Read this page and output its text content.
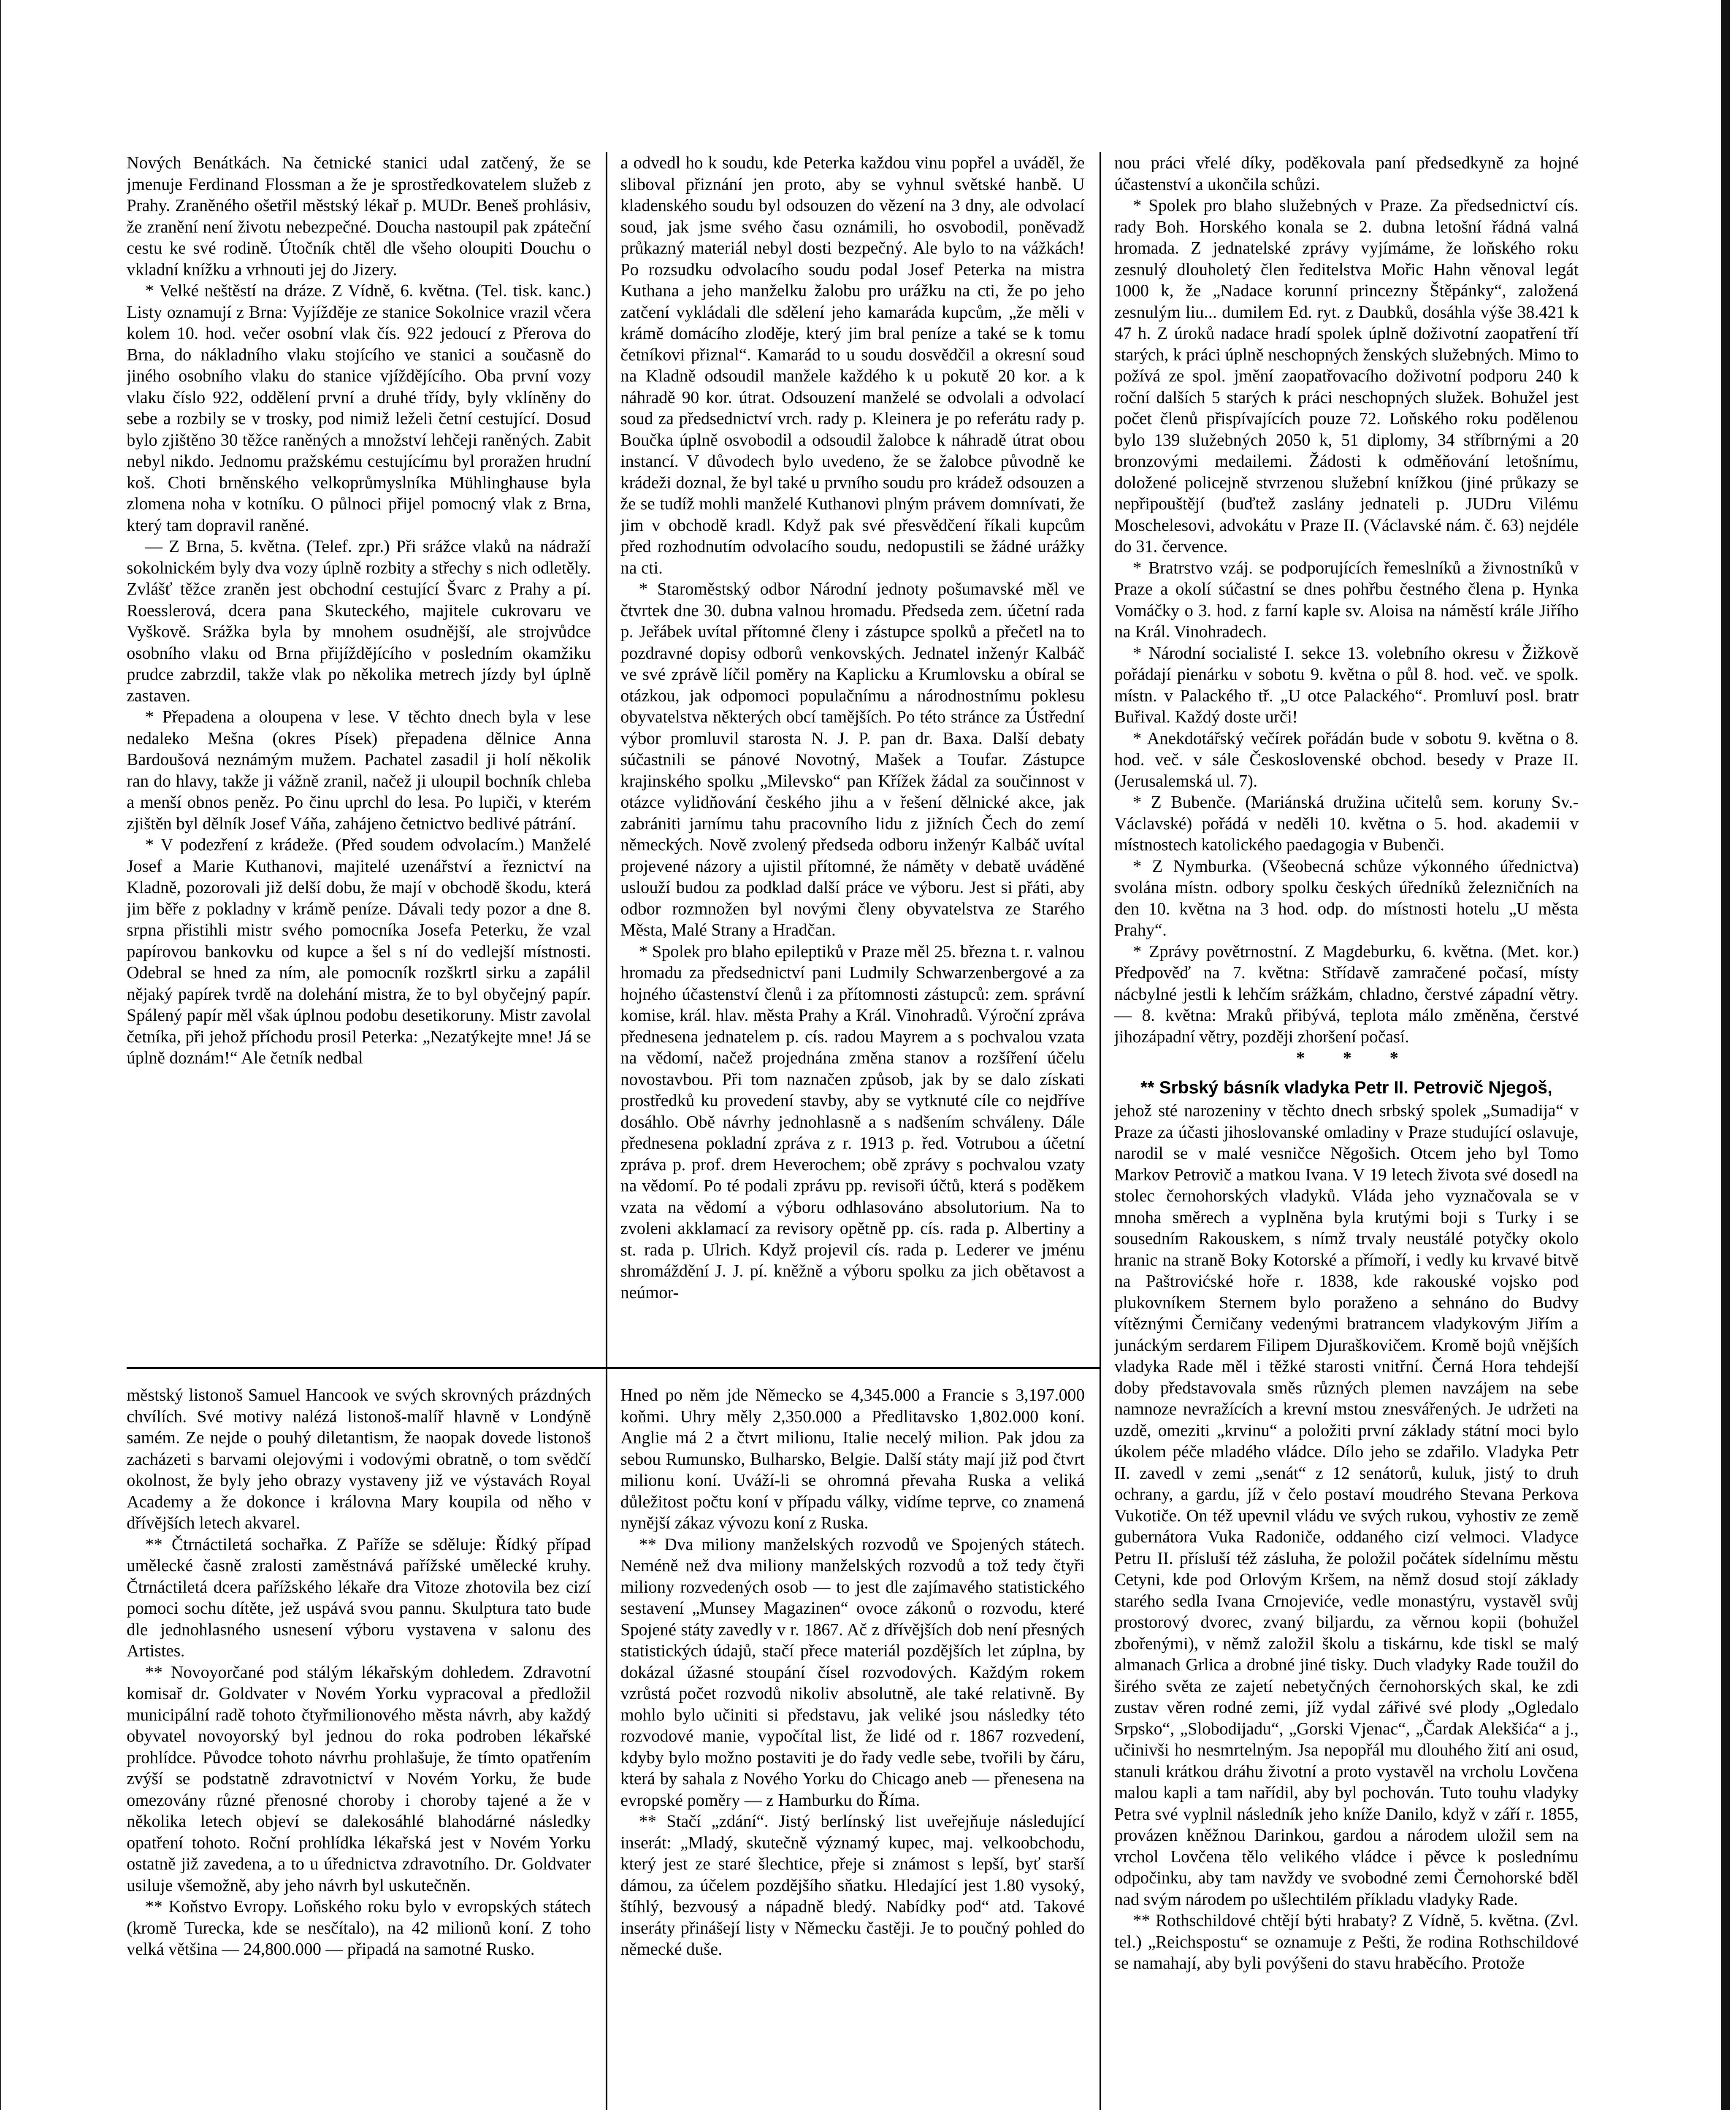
Nových Benátkách. Na četnické stanici udal zatčený, že se jmenuje Ferdinand Flossman a že je sprostředkovatelem služeb z Prahy. Zraněného ošetřil městský lékař p. MUDr. Beneš prohlásiv, že zranění není životu nebezpečné. Doucha nastoupil pak zpáteční cestu ke své rodině. Útočník chtěl dle všeho oloupiti Douchu o vkladní knížku a vrhnouti jej do Jizery.

* Velké neštěstí na dráze. Z Vídně, 6. května. (Tel. tisk. kanc.) Listy oznamují z Brna: Vyjížděje ze stanice Sokolnice vrazil včera kolem 10. hod. večer osobní vlak čís. 922 jedoucí z Přerova do Brna, do nákladního vlaku stojícího ve stanici a současně do jiného osobního vlaku do stanice vjíždějícího. Oba první vozy vlaku číslo 922, oddělení první a druhé třídy, byly vklíněny do sebe a rozbily se v trosky, pod nimiž leželi četní cestující. Dosud bylo zjištěno 30 těžce raněných a množství lehčeji raněných. Zabit nebyl nikdo. Jednomu pražskému cestujícímu byl proražen hrudní koš. Choti brněnského velkoprůmyslníka Mühlinghause byla zlomena noha v kotníku. O půlnoci přijel pomocný vlak z Brna, který tam dopravil raněné.

— Z Brna, 5. května. (Telef. zpr.) Při srážce vlaků na nádraží sokolnickém byly dva vozy úplně rozbity a střechy s nich odletěly. Zvlášť těžce zraněn jest obchodní cestující Švarc z Prahy a pí. Roesslerová, dcera pana Skuteckého, majitele cukrovaru ve Vyškově. Srážka byla by mnohem osudnější, ale strojvůdce osobního vlaku od Brna přijíždějícího v posledním okamžiku prudce zabrzdil, takže vlak po několika metrech jízdy byl úplně zastaven.

* Přepadena a oloupena v lese. V těchto dnech byla v lese nedaleko Mešna (okres Písek) přepadena dělnice Anna Bardoušová neznámým mužem. Pachatel zasadil ji holí několik ran do hlavy, takže ji vážně zranil, načež ji uloupil bochník chleba a menší obnos peněz. Po činu uprchl do lesa. Po lupiči, v kterém zjištěn byl dělník Josef Váňa, zahájeno četnictvo bedlivé pátrání.

* V podezření z krádeže. (Před soudem odvolacím.) Manželé Josef a Marie Kuthanovi, majitelé uzenářství a řeznictví na Kladně, pozorovali již delší dobu, že mají v obchodě škodu, která jim běře z pokladny v krámě peníze. Dávali tedy pozor a dne 8. srpna přistihli mistr svého pomocníka Josefa Peterku, že vzal papírovou bankovku od kupce a šel s ní do vedlejší místnosti. Odebral se hned za ním, ale pomocník rozškrtl sirku a zapálil nějaký papírek tvrdě na dolehání mistra, že to byl obyčejný papír. Spálený papír měl však úplnou podobu desetikoruny. Mistr zavolal četníka, při jehož příchodu prosil Peterka: „Nezatýkejte mne! Já se úplně doznám!“ Ale četník nedbal

a odvedl ho k soudu, kde Peterka každou vinu popřel a uváděl, že sliboval přiznání jen proto, aby se vyhnul světské hanbě. U kladenského soudu byl odsouzen do vězení na 3 dny, ale odvolací soud, jak jsme svého času oznámili, ho osvobodil, poněvadž průkazný materiál nebyl dosti bezpečný. Ale bylo to na vážkách! Po rozsudku odvolacího soudu podal Josef Peterka na mistra Kuthana a jeho manželku žalobu pro urážku na cti, že po jeho zatčení vykládali dle sdělení jeho kamaráda kupcům, „že měli v krámě domácího zloděje, který jim bral peníze a také se k tomu četníkovi přiznal“. Kamarád to u soudu dosvědčil a okresní soud na Kladně odsoudil manžele každého k u pokutě 20 kor. a k náhradě 90 kor. útrat. Odsouzení manželé se odvolali a odvolací soud za předsednictví vrch. rady p. Kleinera je po referátu rady p. Boučka úplně osvobodil a odsoudil žalobce k náhradě útrat obou instancí. V důvodech bylo uvedeno, že se žalobce původně ke krádeži doznal, že byl také u prvního soudu pro krádež odsouzen a že se tudíž mohli manželé Kuthanovi plným právem domnívati, že jim v obchodě kradl. Když pak své přesvědčení říkali kupcům před rozhodnutím odvolacího soudu, nedopustili se žádné urážky na cti.

* Staroměstský odbor Národní jednoty pošumavské měl ve čtvrtek dne 30. dubna valnou hromadu. Předseda zem. účetní rada p. Jeřábek uvítal přítomné členy i zástupce spolků a přečetl na to pozdravné dopisy odborů venkovských. Jednatel inženýr Kalbáč ve své zprávě líčil poměry na Kaplicku a Krumlovsku a obíral se otázkou, jak odpomoci populačnímu a národnostnímu poklesu obyvatelstva některých obcí tamějších. Po této stránce za Ústřední výbor promluvil starosta N. J. P. pan dr. Baxa. Další debaty súčastnili se pánové Novotný, Mašek a Toufar. Zástupce krajinského spolku „Milevsko“ pan Křížek žádal za součinnost v otázce vylidňování českého jihu a v řešení dělnické akce, jak zabrániti jarnímu tahu pracovního lidu z jižních Čech do zemí německých. Nově zvolený předseda odboru inženýr Kalbáč uvítal projevené názory a ujistil přítomné, že náměty v debatě uváděné uslouží budou za podklad další práce ve výboru. Jest si přáti, aby odbor rozmnožen byl novými členy obyvatelstva ze Starého Města, Malé Strany a Hradčan.

* Spolek pro blaho epileptiků v Praze měl 25. března t. r. valnou hromadu za předsednictví pani Ludmily Schwarzenbergové a za hojného účastenství členů i za přítomnosti zástupců: zem. správní komise, král. hlav. města Prahy a Král. Vinohradů. Výroční zpráva přednesena jednatelem p. cís. radou Mayrem a s pochvalou vzata na vědomí, načež projednána změna stanov a rozšíření účelu novostavbou. Při tom naznačen způsob, jak by se dalo získati prostředků ku provedení stavby, aby se vytknuté cíle co nejdříve dosáhlo. Obě návrhy jednohlasně a s nadšením schváleny. Dále přednesena pokladní zpráva z r. 1913 p. řed. Votrubou a účetní zpráva p. prof. drem Heverochem; obě zprávy s pochvalou vzaty na vědomí. Po té podali zprávu pp. revisoři účtů, která s poděkem vzata na vědomí a výboru odhlasováno absolutorium. Na to zvoleni akklamací za revisory opětně pp. cís. rada p. Albertiny a st. rada p. Ulrich. Když projevil cís. rada p. Lederer ve jménu shromáždění J. J. pí. kněžně a výboru spolku za jich obětavost a neúmor-

nou práci vřelé díky, poděkovala paní předsedkyně za hojné účastenství a ukončila schůzi.

* Spolek pro blaho služebných v Praze. Za předsednictví cís. rady Boh. Horského konala se 2. dubna letošní řádná valná hromada. Z jednatelské zprávy vyjímáme, že loňského roku zesnulý dlouholetý člen ředitelstva Mořic Hahn věnoval legát 1000 k, že „Nadace korunní princezny Štěpánky“, založená zesnulým liu... dumilem Ed. ryt. z Daubků, dosáhla výše 38.421 k 47 h. Z úroků nadace hradí spolek úplně doživotní zaopatření tří starých, k práci úplně neschopných ženských služebných. Mimo to požívá ze spol. jmění zaopatřovacího doživotní podporu 240 k roční dalších 5 starých k práci neschopných služek. Bohužel jest počet členů přispívajících pouze 72. Loňského roku podělenou bylo 139 služebných 2050 k, 51 diplomy, 34 stříbrnými a 20 bronzovými medailemi. Žádosti k odměňování letošnímu, doložené policejně stvrzenou služební knížkou (jiné průkazy se nepřipouštějí (buďtež zaslány jednateli p. JUDru Vilému Moschelesovi, advokátu v Praze II. (Václavské nám. č. 63) nejdéle do 31. července.

* Bratrstvo vzáj. se podporujících řemeslníků a živnostníků v Praze a okolí súčastní se dnes pohřbu čestného člena p. Hynka Vomáčky o 3. hod. z farní kaple sv. Aloisa na náměstí krále Jiřího na Král. Vinohradech.

* Národní socialisté I. sekce 13. volebního okresu v Žižkově pořádají pienárku v sobotu 9. května o půl 8. hod. več. ve spolk. místn. v Palackého tř. „U otce Palackého“. Promluví posl. bratr Buřival. Každý doste urči!

* Anekdotářský večírek pořádán bude v sobotu 9. května o 8. hod. več. v sále Československé obchod. besedy v Praze II. (Jerusalemská ul. 7).

* Z Bubenče. (Mariánská družina učitelů sem. koruny Sv.-Václavské) pořádá v neděli 10. května o 5. hod. akademii v místnostech katolického paedagogia v Bubenči.

* Z Nymburka. (Všeobecná schůze výkonného úřednictva) svolána místn. odbory spolku českých úředníků železničních na den 10. května na 3 hod. odp. do místnosti hotelu „U města Prahy“.

* Zprávy povětrnostní. Z Magdeburku, 6. května. (Met. kor.) Předpověď na 7. května: Střídavě zamračené počasí, místy nácbylné jestli k lehčím srážkám, chladno, čerstvé západní větry. — 8. května: Mraků přibývá, teplota málo změněna, čerstvé jihozápadní větry, později zhoršení počasí.

* * *

** Srbský básník vladyka Petr II. Petrovič Njegoš,

jehož sté narozeniny v těchto dnech srbský spolek „Sumadija“ v Praze za účasti jihoslovanské omladiny v Praze studující oslavuje, narodil se v malé vesničce Něgošich. Otcem jeho byl Tomo Markov Petrovič a matkou Ivana. V 19 letech života své dosedl na stolec černohorských vladyků. Vláda jeho vyznačovala se v mnoha směrech a vyplněna byla krutými boji s Turky i se sousedním Rakouskem, s nímž trvaly neustálé potyčky okolo hranic na straně Boky Kotorské a přímoří, i vedly ku krvavé bitvě na Paštrovićské hoře r. 1838, kde rakouské vojsko pod plukovníkem Sternem bylo poraženo a sehnáno do Budvy vítěznými Černičany vedenými bratrancem vladykovým Jiřím a junáckým serdarem Filipem Djuraškovičem. Kromě bojů vnějších vladyka Rade měl i těžké starosti vnitřní. Černá Hora tehdejší doby představovala směs různých plemen navzájem na sebe namnoze nevražících a krevní mstou znesvářených. Je udržeti na uzdě, omeziti „krvinu“ a položiti první základy státní moci bylo úkolem péče mladého vládce. Dílo jeho se zdařilo. Vladyka Petr II. zavedl v zemi „senát“ z 12 senátorů, kuluk, jistý to druh ochrany, a gardu, jíž v čelo postaví moudrého Stevana Perkova Vukotiče. On též upevnil vládu ve svých rukou, vyhostiv ze země gubernátora Vuka Radoniče, oddaného cizí velmoci. Vladyce Petru II. přísluší též zásluha, že položil počátek sídelnímu městu Cetyni, kde pod Orlovým Kršem, na němž dosud stojí základy starého sedla Ivana Crnojeviće, vedle monastýru, vystavěl svůj prostorový dvorec, zvaný biljardu, za věrnou kopii (bohužel zbořenými), v němž založil školu a tiskárnu, kde tiskl se malý almanach Grlica a drobné jiné tisky. Duch vladyky Rade toužil do širého světa ze zajetí nebetyčných černohorských skal, ke zdi zustav věren rodné zemi, jíž vydal zářivé své plody „Ogledalo Srpsko“, „Slobodijadu“, „Gorski Vjenac“, „Čardak Alekšića“ a j., učinivši ho nesmrtelným. Jsa nepopřál mu dlouhého žití ani osud, stanuli krátkou dráhu životní a proto vystavěl na vrcholu Lovčena malou kapli a tam nařídil, aby byl pochován. Tuto touhu vladyky Petra své vyplnil následník jeho kníže Danilo, když v září r. 1855, provázen kněžnou Darinkou, gardou a národem uložil sem na vrchol Lovčena tělo velikého vládce i pěvce k poslednímu odpočinku, aby tam navždy ve svobodné zemi Černohorské bděl nad svým národem po ušlechtilém příkladu vladyky Rade.

** Rothschildové chtějí býti hrabaty? Z Vídně, 5. května. (Zvl. tel.) „Reichspostu“ se oznamuje z Pešti, že rodina Rothschildové se namahají, aby byli povýšeni do stavu hraběcího. Protože

městský listonoš Samuel Hancook ve svých skrovných prázdných chvílích. Své motivy nalézá listonoš-malíř hlavně v Londýně samém. Ze nejde o pouhý diletantism, že naopak dovede listonoš zacházeti s barvami olejovými i vodovými obratně, o tom svědčí okolnost, že byly jeho obrazy vystaveny již ve výstavách Royal Academy a že dokonce i královna Mary koupila od něho v dřívějších letech akvarel.

** Čtrnáctiletá sochařka. Z Paříže se sděluje: Řídký případ umělecké časně zralosti zaměstnává pařížské umělecké kruhy. Čtrnáctiletá dcera pařížského lékaře dra Vitoze zhotovila bez cizí pomoci sochu dítěte, jež uspává svou pannu. Skulptura tato bude dle jednohlasného usnesení výboru vystavena v salonu des Artistes.

** Novoyorčané pod stálým lékařským dohledem. Zdravotní komisař dr. Goldvater v Novém Yorku vypracoval a předložil municipální radě tohoto čtyřmilionového města návrh, aby každý obyvatel novoyorský byl jednou do roka podroben lékařské prohlídce. Původce tohoto návrhu prohlašuje, že tímto opatřením zvýší se podstatně zdravotnictví v Novém Yorku, že bude omezovány různé přenosné choroby i choroby tajené a že v několika letech objeví se dalekosáhlé blahodárné následky opatření tohoto. Roční prohlídka lékařská jest v Novém Yorku ostatně již zavedena, a to u úřednictva zdravotního. Dr. Goldvater usiluje všemožně, aby jeho návrh byl uskutečněn.

** Koňstvo Evropy. Loňského roku bylo v evropských státech (kromě Turecka, kde se nesčítalo), na 42 milionů koní. Z toho velká většina — 24,800.000 — připadá na samotné Rusko.

Hned po něm jde Německo se 4,345.000 a Francie s 3,197.000 koňmi. Uhry měly 2,350.000 a Předlitavsko 1,802.000 koní. Anglie má 2 a čtvrt milionu, Italie necelý milion. Pak jdou za sebou Rumunsko, Bulharsko, Belgie. Další státy mají již pod čtvrt milionu koní. Uváží-li se ohromná převaha Ruska a veliká důležitost počtu koní v případu války, vidíme teprve, co znamená nynější zákaz vývozu koní z Ruska.

** Dva miliony manželských rozvodů ve Spojených státech. Neméně než dva miliony manželských rozvodů a tož tedy čtyři miliony rozvedených osob — to jest dle zajímavého statistického sestavení „Munsey Magazinen“ ovoce zákonů o rozvodu, které Spojené státy zavedly v r. 1867. Ač z dřívějších dob není přesných statistických údajů, stačí přece materiál pozdějších let zúplna, by dokázal úžasné stoupání čísel rozvodových. Každým rokem vzrůstá počet rozvodů nikoliv absolutně, ale také relativně. By mohlo bylo učiniti si představu, jak veliké jsou následky této rozvodové manie, vypočítal list, že lidé od r. 1867 rozvedení, kdyby bylo možno postaviti je do řady vedle sebe, tvořili by čáru, která by sahala z Nového Yorku do Chicago aneb — přenesena na evropské poměry — z Hamburku do Říma.

** Stačí „zdání“. Jistý berlínský list uveřejňuje následující inserát: „Mladý, skutečně významý kupec, maj. velkoobchodu, který jest ze staré šlechtice, přeje si známost s lepší, byť starší dámou, za účelem pozdějšího sňatku. Hledající jest 1.80 vysoký, štíhlý, bezvousý a nápadně bledý. Nabídky pod“ atd. Takové inseráty přinášejí listy v Německu častěji. Je to poučný pohled do německé duše.
